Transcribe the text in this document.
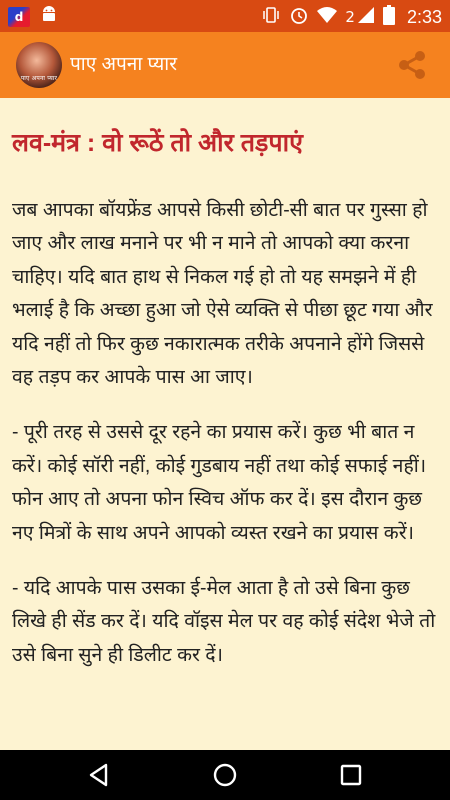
d	2	2:33
पाए अपना प्यार
पाए अपना प्यार
लव-मंत्र : वो रूठें तो और तड़पाएं

जब आपका बॉयफ्रेंड आपसे किसी छोटी-सी बात पर गुस्सा हो जाए और लाख मनाने पर भी न माने तो आपको क्या करना चाहिए। यदि बात हाथ से निकल गई हो तो यह समझने में ही भलाई है कि अच्छा हुआ जो ऐसे व्यक्ति से पीछा छूट गया और यदि नहीं तो फिर कुछ नकारात्मक तरीके अपनाने होंगे जिससे वह तड़प कर आपके पास आ जाए।

- पूरी तरह से उससे दूर रहने का प्रयास करें। कुछ भी बात न करें। कोई सॉरी नहीं, कोई गुडबाय नहीं तथा कोई सफाई नहीं। फोन आए तो अपना फोन स्विच ऑफ कर दें। इस दौरान कुछ नए मित्रों के साथ अपने आपको व्यस्त रखने का प्रयास करें।

- यदि आपके पास उसका ई-मेल आता है तो उसे बिना कुछ लिखे ही सेंड कर दें। यदि वॉइस मेल पर वह कोई संदेश भेजे तो उसे बिना सुने ही डिलीट कर दें।
